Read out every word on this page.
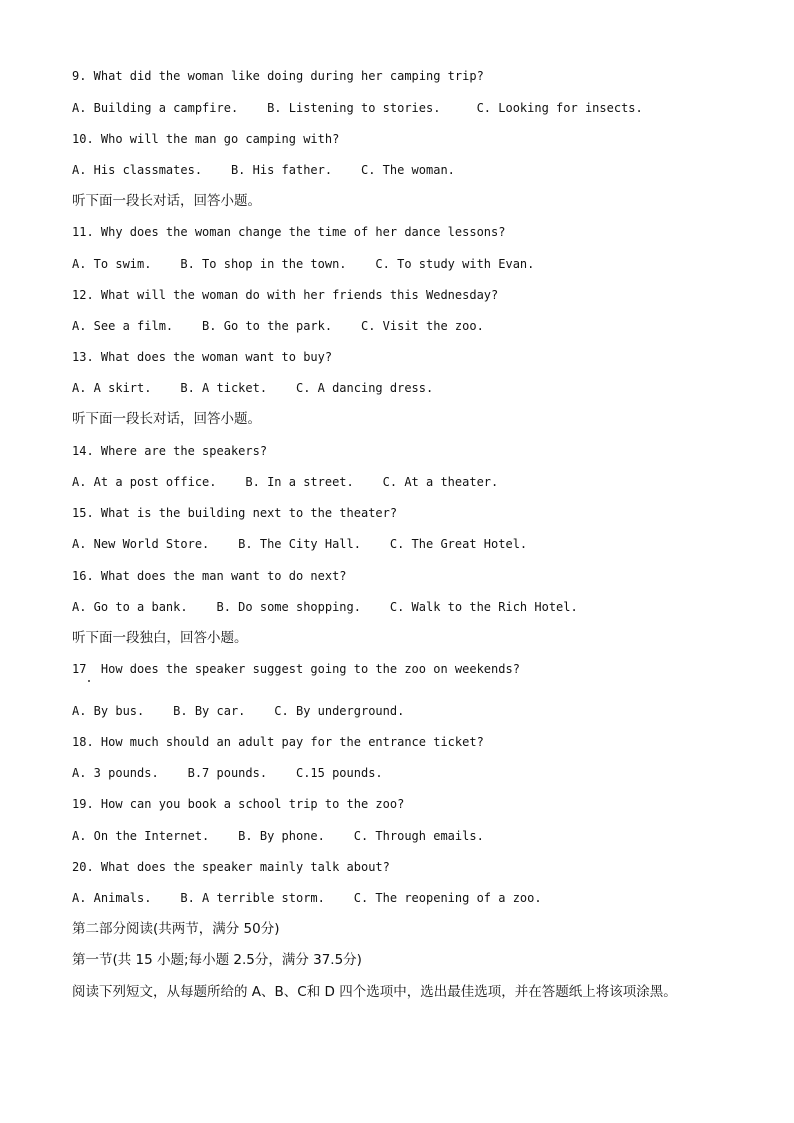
9. What did the woman like doing during her camping trip?
A. Building a campfire.    B. Listening to stories.     C. Looking for insects.
10. Who will the man go camping with?
A. His classmates.    B. His father.    C. The woman.
听下面一段长对话，回答小题。
11. Why does the woman change the time of her dance lessons?
A. To swim.    B. To shop in the town.    C. To study with Evan.
12. What will the woman do with her friends this Wednesday?
A. See a film.    B. Go to the park.    C. Visit the zoo.
13. What does the woman want to buy?
A. A skirt.    B. A ticket.    C. A dancing dress.
听下面一段长对话，回答小题。
14. Where are the speakers?
A. At a post office.    B. In a street.    C. At a theater.
15. What is the building next to the theater?
A. New World Store.    B. The City Hall.    C. The Great Hotel.
16. What does the man want to do next?
A. Go to a bank.    B. Do some shopping.    C. Walk to the Rich Hotel.
听下面一段独白，回答小题。
17  How does the speaker suggest going to the zoo on weekends?
A. By bus.    B. By car.    C. By underground.
18. How much should an adult pay for the entrance ticket?
A. 3 pounds.    B.7 pounds.    C.15 pounds.
19. How can you book a school trip to the zoo?
A. On the Internet.    B. By phone.    C. Through emails.
20. What does the speaker mainly talk about?
A. Animals.    B. A terrible storm.    C. The reopening of a zoo.
第二部分阅读(共两节，满分 50分)
第一节(共 15 小题;每小题 2.5分，满分 37.5分)
阅读下列短文，从每题所给的 A、B、C和 D 四个选项中，选出最佳选项，并在答题纸上将该项涂黑。
